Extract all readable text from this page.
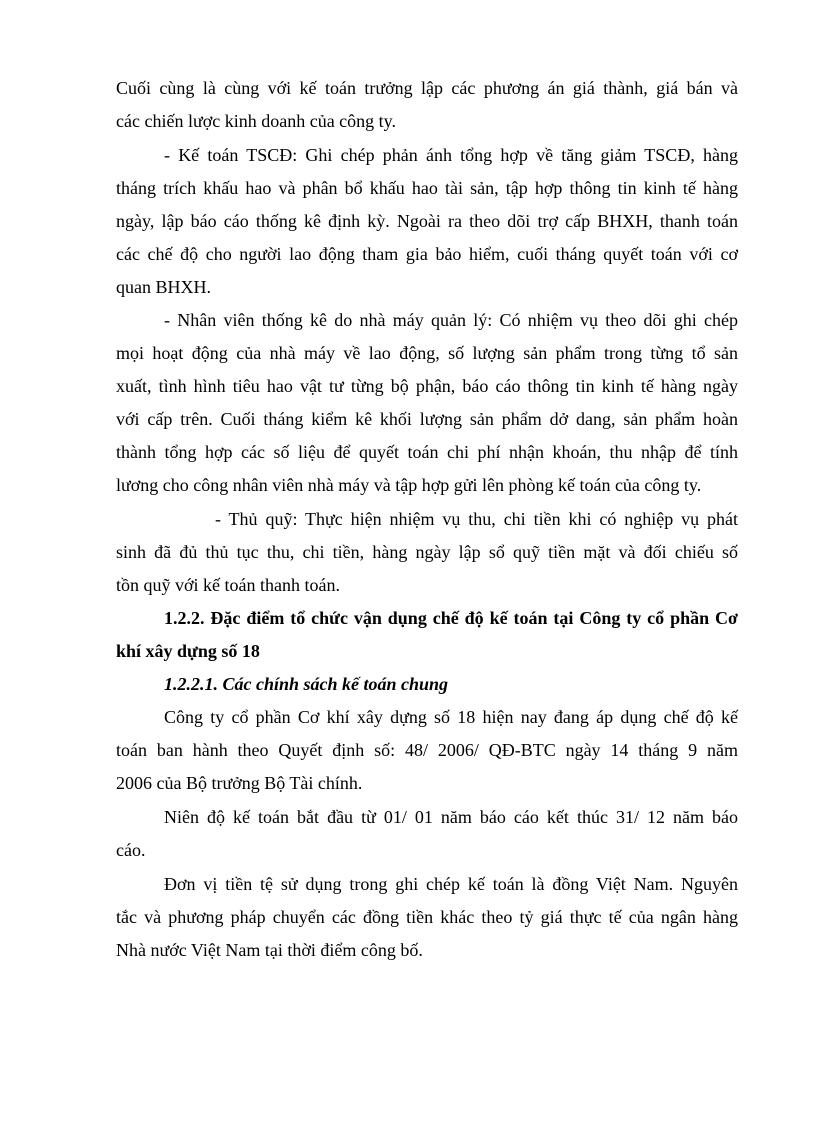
Cuối cùng là cùng với kế toán trưởng lập các phương án giá thành, giá bán và
các chiến lược kinh doanh của công ty.
- Kế toán TSCĐ: Ghi chép phản ánh tổng hợp về tăng giảm TSCĐ, hàng
tháng trích khấu hao và phân bổ khấu hao tài sản, tập hợp thông tin kinh tế hàng
ngày, lập báo cáo thống kê định kỳ. Ngoài ra theo dõi trợ cấp BHXH, thanh toán
các chế độ cho người lao động tham gia bảo hiểm, cuối tháng quyết toán với cơ
quan BHXH.
- Nhân viên thống kê do nhà máy quản lý: Có nhiệm vụ theo dõi ghi chép
mọi hoạt động của nhà máy về lao động, số lượng sản phẩm trong từng tổ sản
xuất, tình hình tiêu hao vật tư từng bộ phận, báo cáo thông tin kinh tế hàng ngày
với cấp trên. Cuối tháng kiểm kê khối lượng sản phẩm dở dang, sản phẩm hoàn
thành tổng hợp các số liệu để quyết toán chi phí nhận khoán, thu nhập để tính
lương cho công nhân viên nhà máy và tập hợp gửi lên phòng kế toán của công ty.
- Thủ quỹ: Thực hiện nhiệm vụ thu, chi tiền khi có nghiệp vụ phát
sinh đã đủ thủ tục thu, chi tiền, hàng ngày lập sổ quỹ tiền mặt và đối chiếu số
tồn quỹ với kế toán thanh toán.
1.2.2. Đặc điểm tổ chức vận dụng chế độ kế toán tại Công ty cổ phần Cơ
khí xây dựng số 18
1.2.2.1. Các chính sách kế toán chung
Công ty cổ phần Cơ khí xây dựng số 18 hiện nay đang áp dụng chế độ kế
toán ban hành theo Quyết định số: 48/ 2006/ QĐ-BTC ngày 14 tháng 9 năm
2006 của Bộ trưởng Bộ Tài chính.
Niên độ kế toán bắt đầu từ 01/ 01 năm báo cáo kết thúc 31/ 12 năm báo
cáo.
Đơn vị tiền tệ sử dụng trong ghi chép kế toán là đồng Việt Nam. Nguyên
tắc và phương pháp chuyển các đồng tiền khác theo tỷ giá thực tế của ngân hàng
Nhà nước Việt Nam tại thời điểm công bố.
